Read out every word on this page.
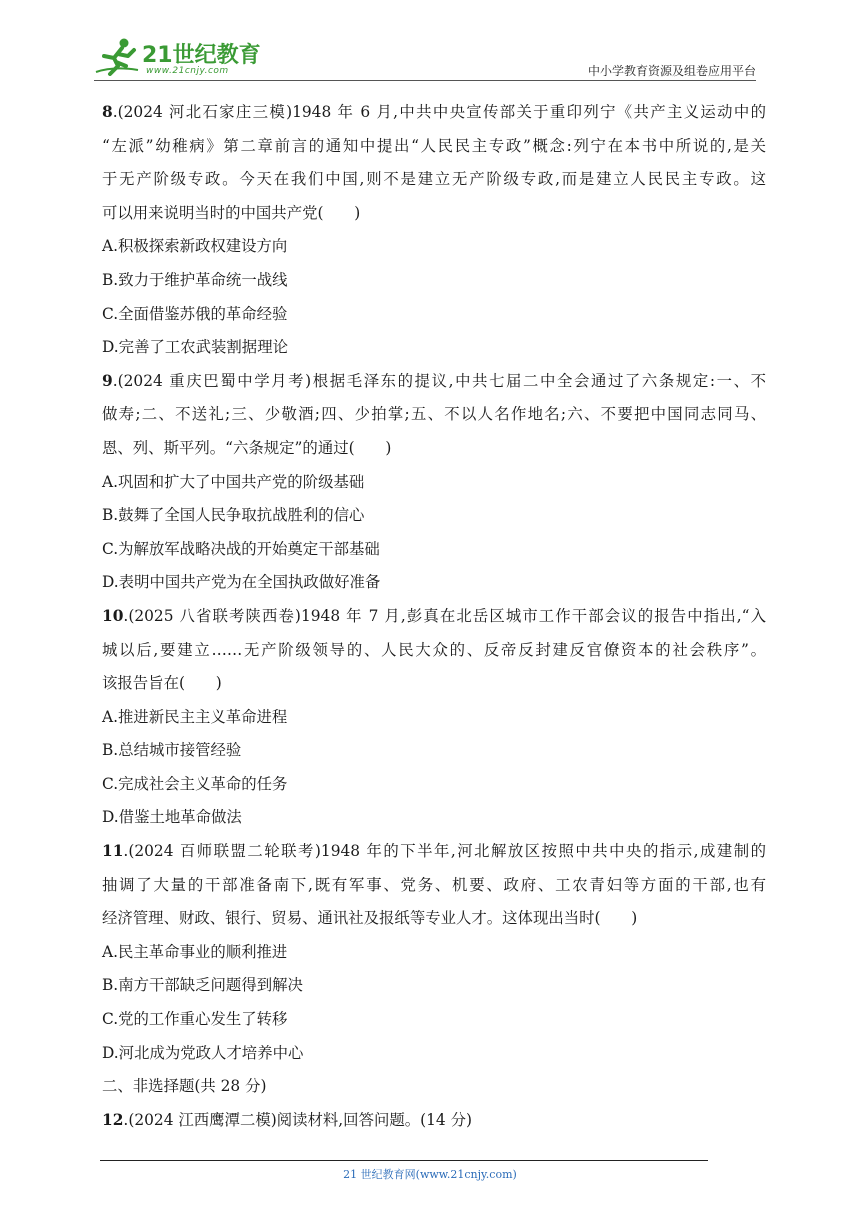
21世纪教育
www.21cnjy.com	中小学教育资源及组卷应用平台
8.(2024 河北石家庄三模)1948 年 6 月,中共中央宣传部关于重印列宁《共产主义运动中的
“左派”幼稚病》第二章前言的通知中提出“人民民主专政”概念:列宁在本书中所说的,是关
于无产阶级专政。今天在我们中国,则不是建立无产阶级专政,而是建立人民民主专政。这
可以用来说明当时的中国共产党(　　)
A.积极探索新政权建设方向
B.致力于维护革命统一战线
C.全面借鉴苏俄的革命经验
D.完善了工农武装割据理论
9.(2024 重庆巴蜀中学月考)根据毛泽东的提议,中共七届二中全会通过了六条规定:一、不
做寿;二、不送礼;三、少敬酒;四、少拍掌;五、不以人名作地名;六、不要把中国同志同马、
恩、列、斯平列。“六条规定”的通过(　　)
A.巩固和扩大了中国共产党的阶级基础
B.鼓舞了全国人民争取抗战胜利的信心
C.为解放军战略决战的开始奠定干部基础
D.表明中国共产党为在全国执政做好准备
10.(2025 八省联考陕西卷)1948 年 7 月,彭真在北岳区城市工作干部会议的报告中指出,“入
城以后,要建立……无产阶级领导的、人民大众的、反帝反封建反官僚资本的社会秩序”。
该报告旨在(　　)
A.推进新民主主义革命进程
B.总结城市接管经验
C.完成社会主义革命的任务
D.借鉴土地革命做法
11.(2024 百师联盟二轮联考)1948 年的下半年,河北解放区按照中共中央的指示,成建制的
抽调了大量的干部准备南下,既有军事、党务、机要、政府、工农青妇等方面的干部,也有
经济管理、财政、银行、贸易、通讯社及报纸等专业人才。这体现出当时(　　)
A.民主革命事业的顺利推进
B.南方干部缺乏问题得到解决
C.党的工作重心发生了转移
D.河北成为党政人才培养中心
二、非选择题(共 28 分)
12.(2024 江西鹰潭二模)阅读材料,回答问题。(14 分)
21 世纪教育网(www.21cnjy.com)
